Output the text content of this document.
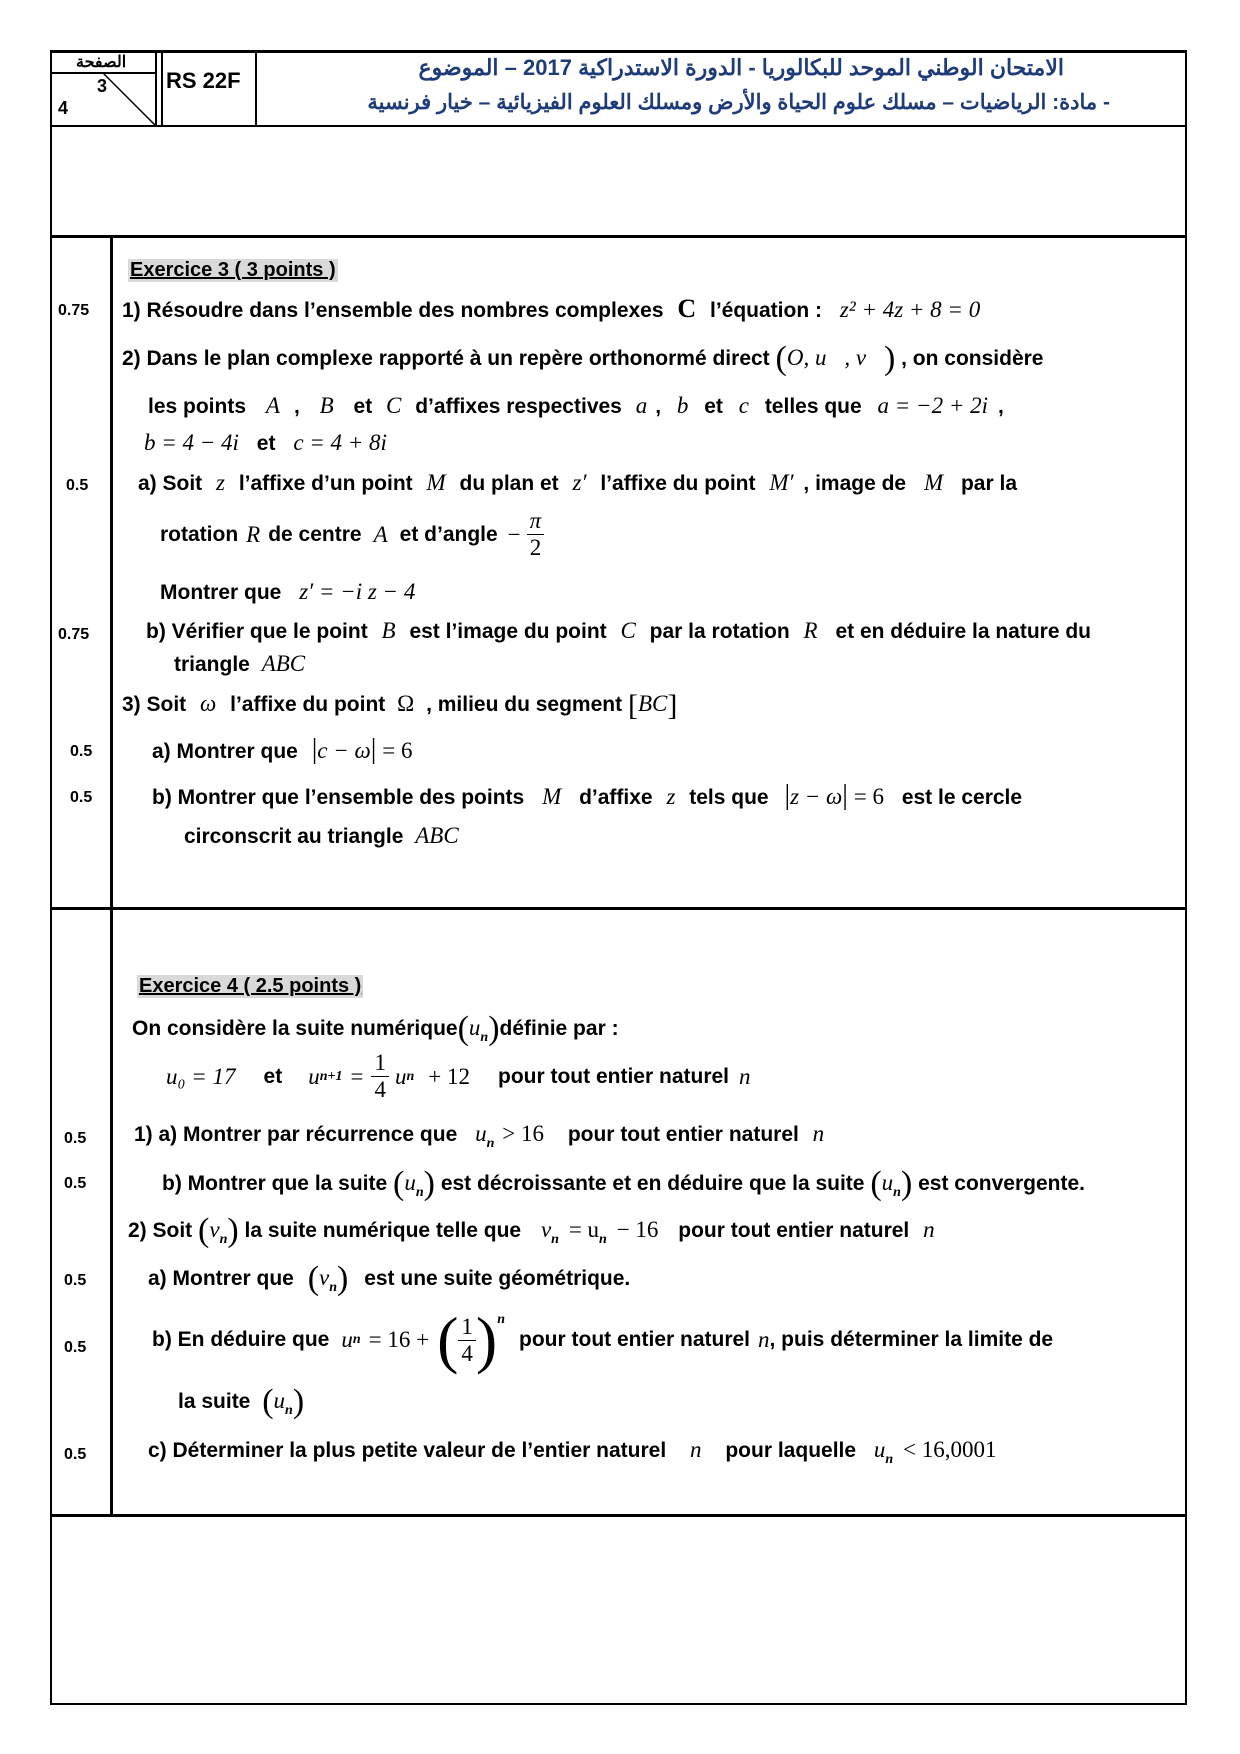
الصفحة
3
4
RS 22F
الامتحان الوطني الموحد للبكالوريا - الدورة الاستدراكية 2017 – الموضوع
- مادة: الرياضيات – مسلك علوم الحياة والأرض ومسلك العلوم الفيزيائية – خيار فرنسية
Exercice 3 ( 3 points )
0.75 1) Résoudre dans l’ensemble des nombres complexes C l’équation : z² + 4z + 8 = 0
2) Dans le plan complexe rapporté à un repère orthonormé direct (O, u⃗, v⃗) , on considère
les points A , B et C d’affixes respectives a , b et c telles que a = −2 + 2i ,
b = 4 − 4i et c = 4 + 8i
0.5 a) Soit z l’affixe d’un point M du plan et z′ l’affixe du point M′ , image de M par la
rotation R de centre A et d’angle − $\frac{\pi}{2}$
Montrer que z′ = −i z − 4
0.75	b) Vérifier que le point B est l’image du point C par la rotation R et en déduire la nature du
triangle ABC
3) Soit ω l’affixe du point Ω , milieu du segment [BC]
0.5	a) Montrer que |c − ω| = 6
0.5	b) Montrer que l’ensemble des points M d’affixe z tels que |z − ω| = 6 est le cercle
circonscrit au triangle ABC
Exercice 4 ( 2.5 points )
On considère la suite $numérique(u_n)définie$ par :
u₀ = 17 et u $n+1 = \frac{1}{4}$ u n + 12 pour tout entier naturel n
0.5 1) a) Montrer par récurrence que $u_n > 16$ pour tout entier naturel n
0.5	b) Montrer que la suite $(u_n)$ est décroissante et en déduire que la suite $(u_n)$ est convergente.
2) Soit $(v_n)$ la suite numérique telle que $v_n = u_n - 16$ pour tout entier naturel n
0.5	a) Montrer que $(v_n)$ est une suite géométrique.
0.5	b) En déduire que u n = 16 + ( $\frac{1}{4}$ ) n
pour tout entier naturel n , puis déterminer la limite de
la suite $(u_n)$
0.5	c) Déterminer la plus petite valeur de l’entier naturel n pour laquelle $u_n < 16,0001$
